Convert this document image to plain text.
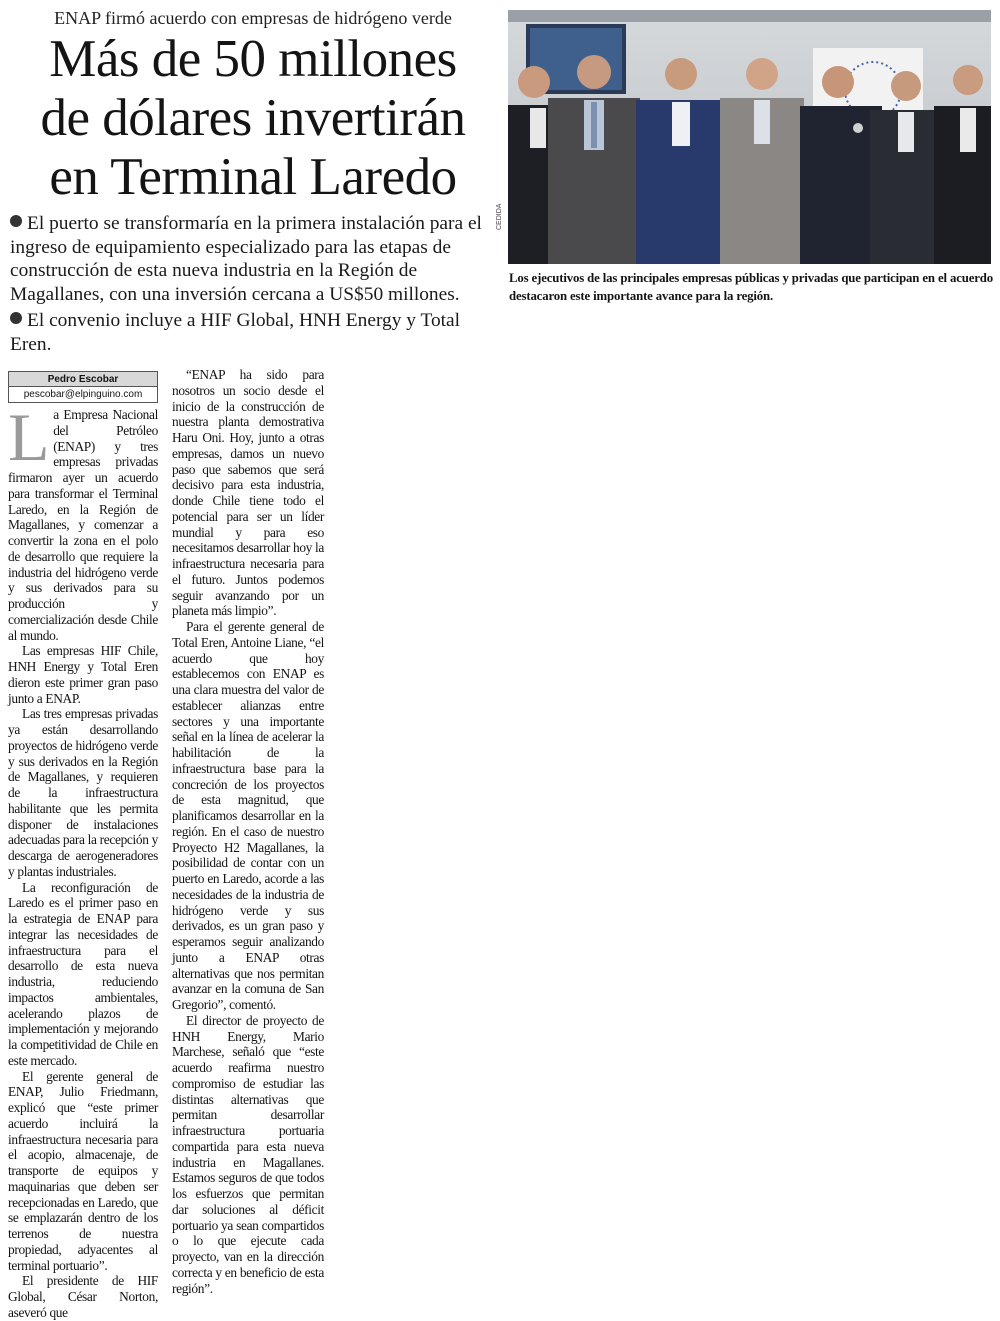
ENAP firmó acuerdo con empresas de hidrógeno verde
Más de 50 millones
de dólares invertirán
en Terminal Laredo
El puerto se transformaría en la primera instalación para el ingreso de equipamiento especializado para las etapas de construcción de esta nueva industria en la Región de Magallanes, con una inversión cercana a US$50 millones.
El convenio incluye a HIF Global, HNH Energy y Total Eren.
Pedro Escobar
pescobar@elpinguino.com

La Empresa Nacional del Petróleo (ENAP) y tres empresas privadas firmaron ayer un acuerdo para transformar el Terminal Laredo, en la Región de Magallanes, y comenzar a convertir la zona en el polo de desarrollo que requiere la industria del hidrógeno verde y sus derivados para su producción y comercialización desde Chile al mundo.

Las empresas HIF Chile, HNH Energy y Total Eren dieron este primer gran paso junto a ENAP.

Las tres empresas privadas ya están desarrollando proyectos de hidrógeno verde y sus derivados en la Región de Magallanes, y requieren de la infraestructura habilitante que les permita disponer de instalaciones adecuadas para la recepción y descarga de aerogeneradores y plantas industriales.

La reconfiguración de Laredo es el primer paso en la estrategia de ENAP para integrar las necesidades de infraestructura para el desarrollo de esta nueva industria, reduciendo impactos ambientales, acelerando plazos de implementación y mejorando la competitividad de Chile en este mercado.

El gerente general de ENAP, Julio Friedmann, explicó que “este primer acuerdo incluirá la infraestructura necesaria para el acopio, almacenaje, de transporte de equipos y maquinarias que deben ser recepcionadas en Laredo, que se emplazarán dentro de los terrenos de nuestra propiedad, adyacentes al terminal portuario”.

El presidente de HIF Global, César Norton, aseveró que

“ENAP ha sido para nosotros un socio desde el inicio de la construcción de nuestra planta demostrativa Haru Oni. Hoy, junto a otras empresas, damos un nuevo paso que sabemos que será decisivo para esta industria, donde Chile tiene todo el potencial para ser un líder mundial y para eso necesitamos desarrollar hoy la infraestructura necesaria para el futuro. Juntos podemos seguir avanzando por un planeta más limpio”.

Para el gerente general de Total Eren, Antoine Liane, “el acuerdo que hoy establecemos con ENAP es una clara muestra del valor de establecer alianzas entre sectores y una importante señal en la línea de acelerar la habilitación de la infraestructura base para la concreción de los proyectos de esta magnitud, que planificamos desarrollar en la región. En el caso de nuestro Proyecto H2 Magallanes, la posibilidad de contar con un puerto en Laredo, acorde a las necesidades de la industria de hidrógeno verde y sus derivados, es un gran paso y esperamos seguir analizando junto a ENAP otras alternativas que nos permitan avanzar en la comuna de San Gregorio”, comentó.

El director de proyecto de HNH Energy, Mario Marchese, señaló que “este acuerdo reafirma nuestro compromiso de estudiar las distintas alternativas que permitan desarrollar infraestructura portuaria compartida para esta nueva industria en Magallanes. Estamos seguros de que todos los esfuerzos que permitan dar soluciones al déficit portuario ya sean compartidos o lo que ejecute cada proyecto, van en la dirección correcta y en beneficio de esta región”.

CEDIDA
Los ejecutivos de las principales empresas públicas y privadas que participan en el acuerdo destacaron este importante avance para la región.
